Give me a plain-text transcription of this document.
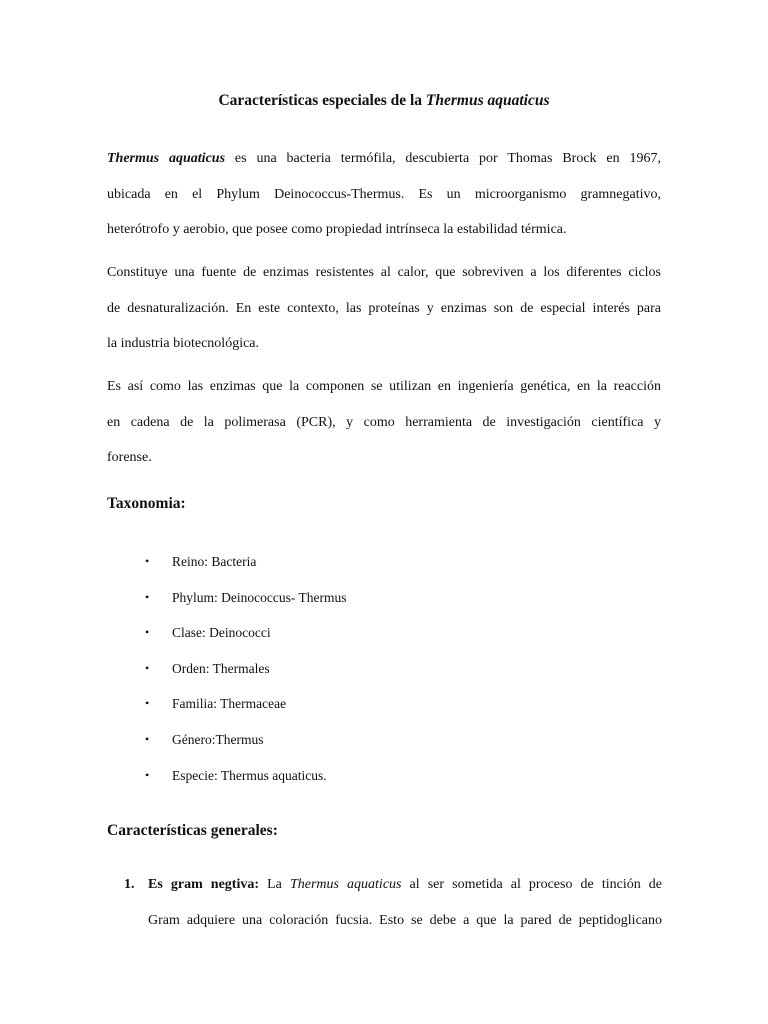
Características especiales de la Thermus aquaticus
Thermus aquaticus es una bacteria termófila, descubierta por Thomas Brock en 1967,
ubicada en el Phylum Deinococcus-Thermus. Es un microorganismo gramnegativo,
heterótrofo y aerobio, que posee como propiedad intrínseca la estabilidad térmica.
Constituye una fuente de enzimas resistentes al calor, que sobreviven a los diferentes ciclos
de desnaturalización. En este contexto, las proteínas y enzimas son de especial interés para
la industria biotecnológica.
Es así como las enzimas que la componen se utilizan en ingeniería genética, en la reacción
en cadena de la polimerasa (PCR), y como herramienta de investigación científica y
forense.
Taxonomia:
• Reino: Bacteria
• Phylum: Deinococcus- Thermus
• Clase: Deinococci
• Orden: Thermales
• Familia: Thermaceae
• Género:Thermus
• Especie: Thermus aquaticus.
Características generales:
1. Es gram negtiva: La Thermus aquaticus al ser sometida al proceso de tinción de
Gram adquiere una coloración fucsia. Esto se debe a que la pared de peptidoglicano
